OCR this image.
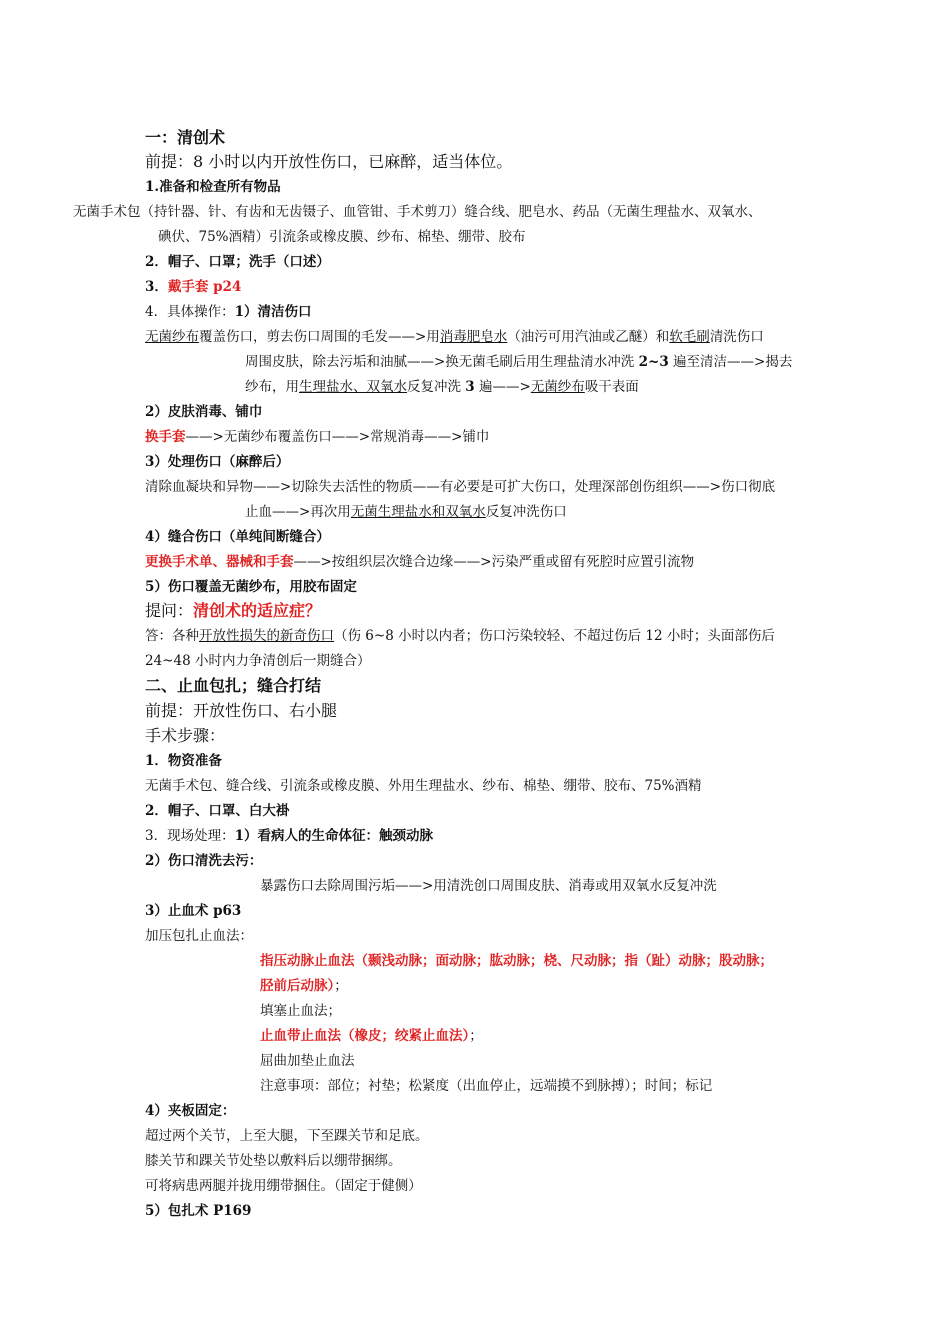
一：清创术
前提：8 小时以内开放性伤口，已麻醉，适当体位。
1.准备和检查所有物品
无菌手术包（持针器、针、有齿和无齿镊子、血管钳、手术剪刀）缝合线、肥皂水、药品（无菌生理盐水、双氧水、
碘伏、75%酒精）引流条或橡皮膜、纱布、棉垫、绷带、胶布
2．帽子、口罩；洗手（口述）
3．戴手套 p24
4．具体操作：1）清洁伤口
无菌纱布覆盖伤口，剪去伤口周围的毛发——>用消毒肥皂水（油污可用汽油或乙醚）和软毛刷清洗伤口
周围皮肤，除去污垢和油腻——>换无菌毛刷后用生理盐清水冲洗 2~3 遍至清洁——>揭去
纱布，用生理盐水、双氧水反复冲洗 3 遍——>无菌纱布吸干表面
2）皮肤消毒、铺巾
换手套——>无菌纱布覆盖伤口——>常规消毒——>铺巾
3）处理伤口（麻醉后）
清除血凝块和异物——>切除失去活性的物质——有必要是可扩大伤口，处理深部创伤组织——>伤口彻底
止血——>再次用无菌生理盐水和双氧水反复冲洗伤口
4）缝合伤口（单纯间断缝合）
更换手术单、器械和手套——>按组织层次缝合边缘——>污染严重或留有死腔时应置引流物
5）伤口覆盖无菌纱布，用胶布固定
提问：清创术的适应症？
答：各种开放性损失的新奇伤口（伤 6~8 小时以内者；伤口污染较轻、不超过伤后 12 小时；头面部伤后
24~48 小时内力争清创后一期缝合）
二、止血包扎；缝合打结
前提：开放性伤口、右小腿
手术步骤：
1．物资准备
无菌手术包、缝合线、引流条或橡皮膜、外用生理盐水、纱布、棉垫、绷带、胶布、75%酒精
2．帽子、口罩、白大褂
3．现场处理：1）看病人的生命体征：触颈动脉
2）伤口清洗去污：
暴露伤口去除周围污垢——>用清洗创口周围皮肤、消毒或用双氧水反复冲洗
3）止血术 p63
加压包扎止血法：
指压动脉止血法（颞浅动脉；面动脉；肱动脉；桡、尺动脉；指（趾）动脉；股动脉；
胫前后动脉）；
填塞止血法；
止血带止血法（橡皮；绞紧止血法）；
屈曲加垫止血法
注意事项：部位；衬垫；松紧度（出血停止，远端摸不到脉搏）；时间；标记
4）夹板固定：
超过两个关节，上至大腿，下至踝关节和足底。
膝关节和踝关节处垫以敷料后以绷带捆绑。
可将病患两腿并拢用绷带捆住。（固定于健侧）
5）包扎术 P169
